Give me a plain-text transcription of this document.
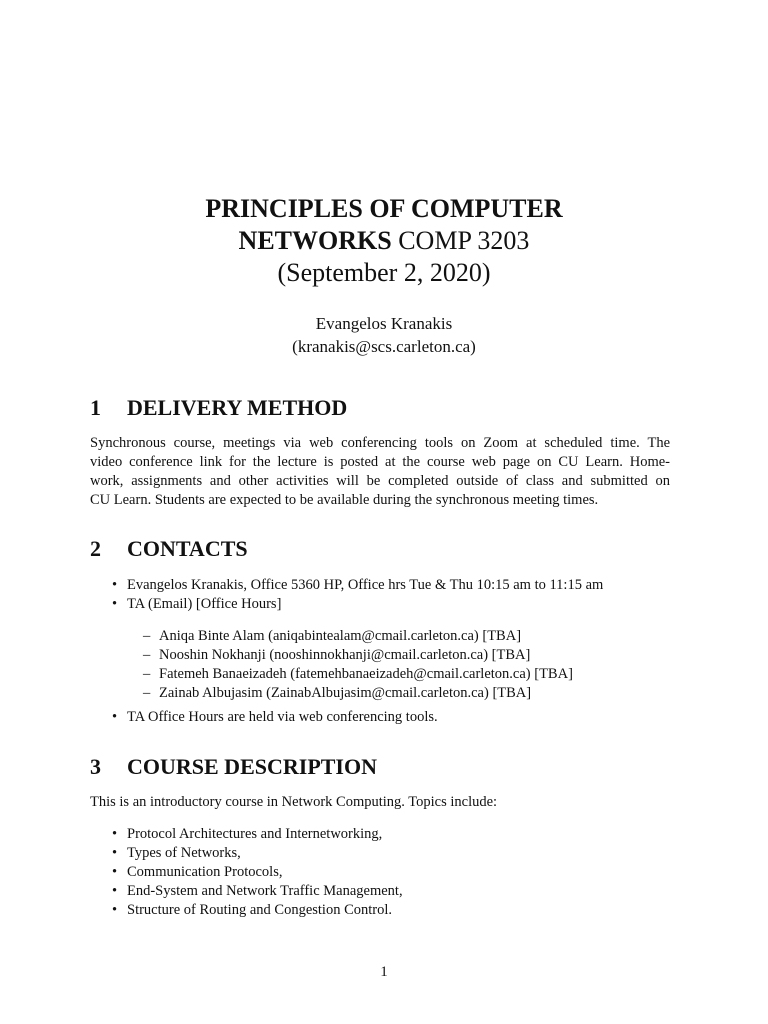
PRINCIPLES OF COMPUTER
NETWORKS COMP 3203
(September 2, 2020)
Evangelos Kranakis
(kranakis@scs.carleton.ca)
1 DELIVERY METHOD
Synchronous course, meetings via web conferencing tools on Zoom at scheduled time. The
video conference link for the lecture is posted at the course web page on CU Learn. Home-
work, assignments and other activities will be completed outside of class and submitted on
CU Learn. Students are expected to be available during the synchronous meeting times.
2 CONTACTS
• Evangelos Kranakis, Office 5360 HP, Office hrs Tue & Thu 10:15 am to 11:15 am
• TA (Email) [Office Hours]
– Aniqa Binte Alam (aniqabintealam@cmail.carleton.ca) [TBA]
– Nooshin Nokhanji (nooshinnokhanji@cmail.carleton.ca) [TBA]
– Fatemeh Banaeizadeh (fatemehbanaeizadeh@cmail.carleton.ca) [TBA]
– Zainab Albujasim (ZainabAlbujasim@cmail.carleton.ca) [TBA]
• TA Office Hours are held via web conferencing tools.
3 COURSE DESCRIPTION
This is an introductory course in Network Computing. Topics include:
• Protocol Architectures and Internetworking,
• Types of Networks,
• Communication Protocols,
• End-System and Network Traffic Management,
• Structure of Routing and Congestion Control.
1
